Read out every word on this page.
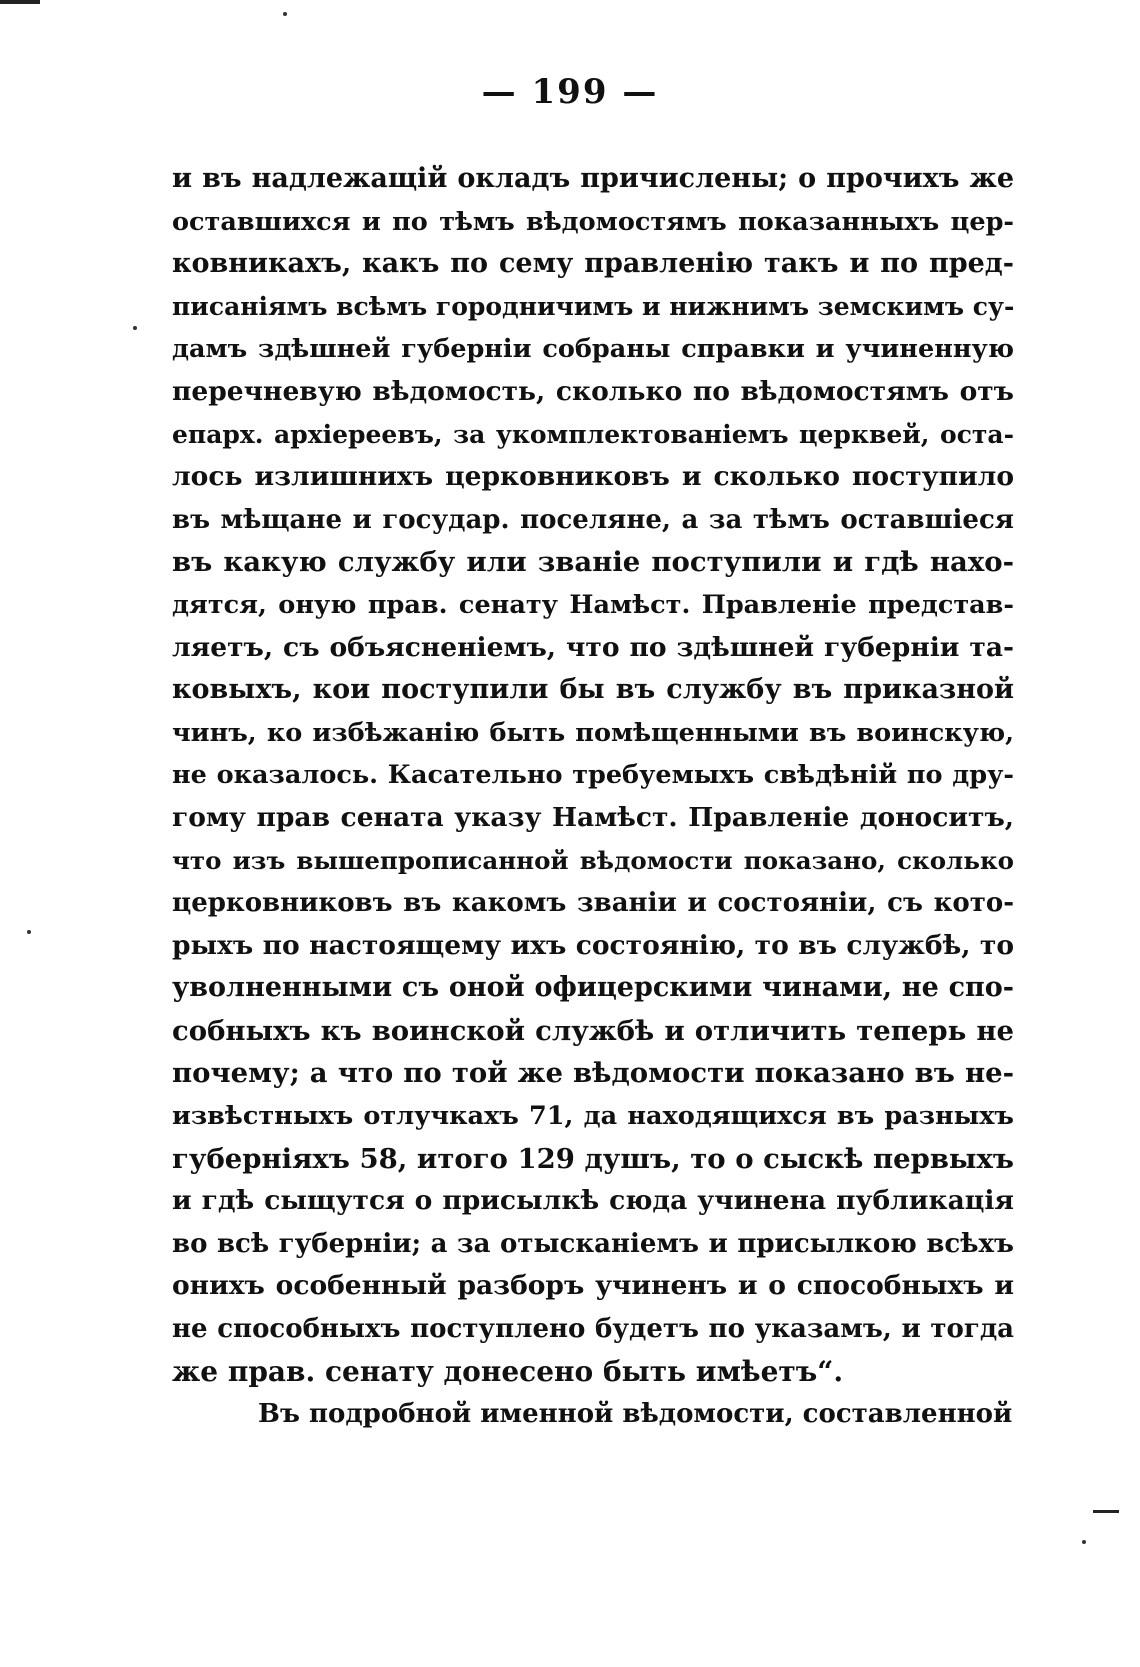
— 199 —
и въ надлежащій окладъ причислены; о прочихъ же
оставшихся и по тѣмъ вѣдомостямъ показанныхъ цер-
ковникахъ, какъ по сему правленію такъ и по пред-
писаніямъ всѣмъ городничимъ и нижнимъ земскимъ су-
дамъ здѣшней губерніи собраны справки и учиненную
перечневую вѣдомость, сколько по вѣдомостямъ отъ
епарх. архіереевъ, за укомплектованіемъ церквей, оста-
лось излишнихъ церковниковъ и сколько поступило
въ мѣщане и государ. поселяне, а за тѣмъ оставшіеся
въ какую службу или званіе поступили и гдѣ нахо-
дятся, оную прав. сенату Намѣст. Правленіе представ-
ляетъ, съ объясненіемъ, что по здѣшней губерніи та-
ковыхъ, кои поступили бы въ службу въ приказной
чинъ, ко избѣжанію быть помѣщенными въ воинскую,
не оказалось. Касательно требуемыхъ свѣдѣній по дру-
гому прав сената указу Намѣст. Правленіе доноситъ,
что изъ вышепрописанной вѣдомости показано, сколько
церковниковъ въ какомъ званіи и состояніи, съ кото-
рыхъ по настоящему ихъ состоянію, то въ службѣ, то
уволненными съ оной офицерскими чинами, не спо-
собныхъ къ воинской службѣ и отличить теперь не
почему; а что по той же вѣдомости показано въ не-
извѣстныхъ отлучкахъ 71, да находящихся въ разныхъ
губерніяхъ 58, итого 129 душъ, то о сыскѣ первыхъ
и гдѣ сыщутся о присылкѣ сюда учинена публикація
во всѣ губерніи; а за отысканіемъ и присылкою всѣхъ
онихъ особенный разборъ учиненъ и о способныхъ и
не способныхъ поступлено будетъ по указамъ, и тогда
же прав. сенату донесено быть имѣетъ“.
Въ подробной именной вѣдомости, составленной
